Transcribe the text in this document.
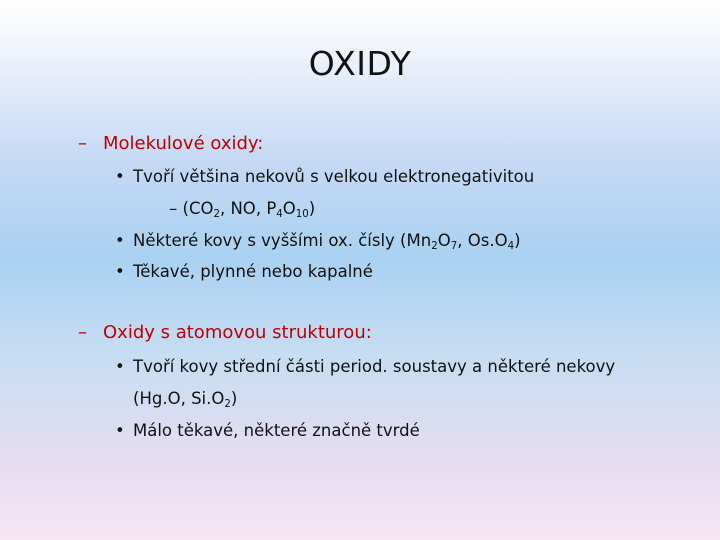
OXIDY
– Molekulové oxidy:
• Tvoří většina nekovů s velkou elektronegativitou
– ($CO_2$, NO, $P_4O_{10}$)
• Některé kovy s vyššími ox. čísly ($Mn_2O_7$, $Os.O_4$)
• Těkavé, plynné nebo kapalné
– Oxidy s atomovou strukturou:
• Tvoří kovy střední části period. soustavy a některé nekovy
(Hg.O, $Si.O_2$)
• Málo těkavé, některé značně tvrdé
